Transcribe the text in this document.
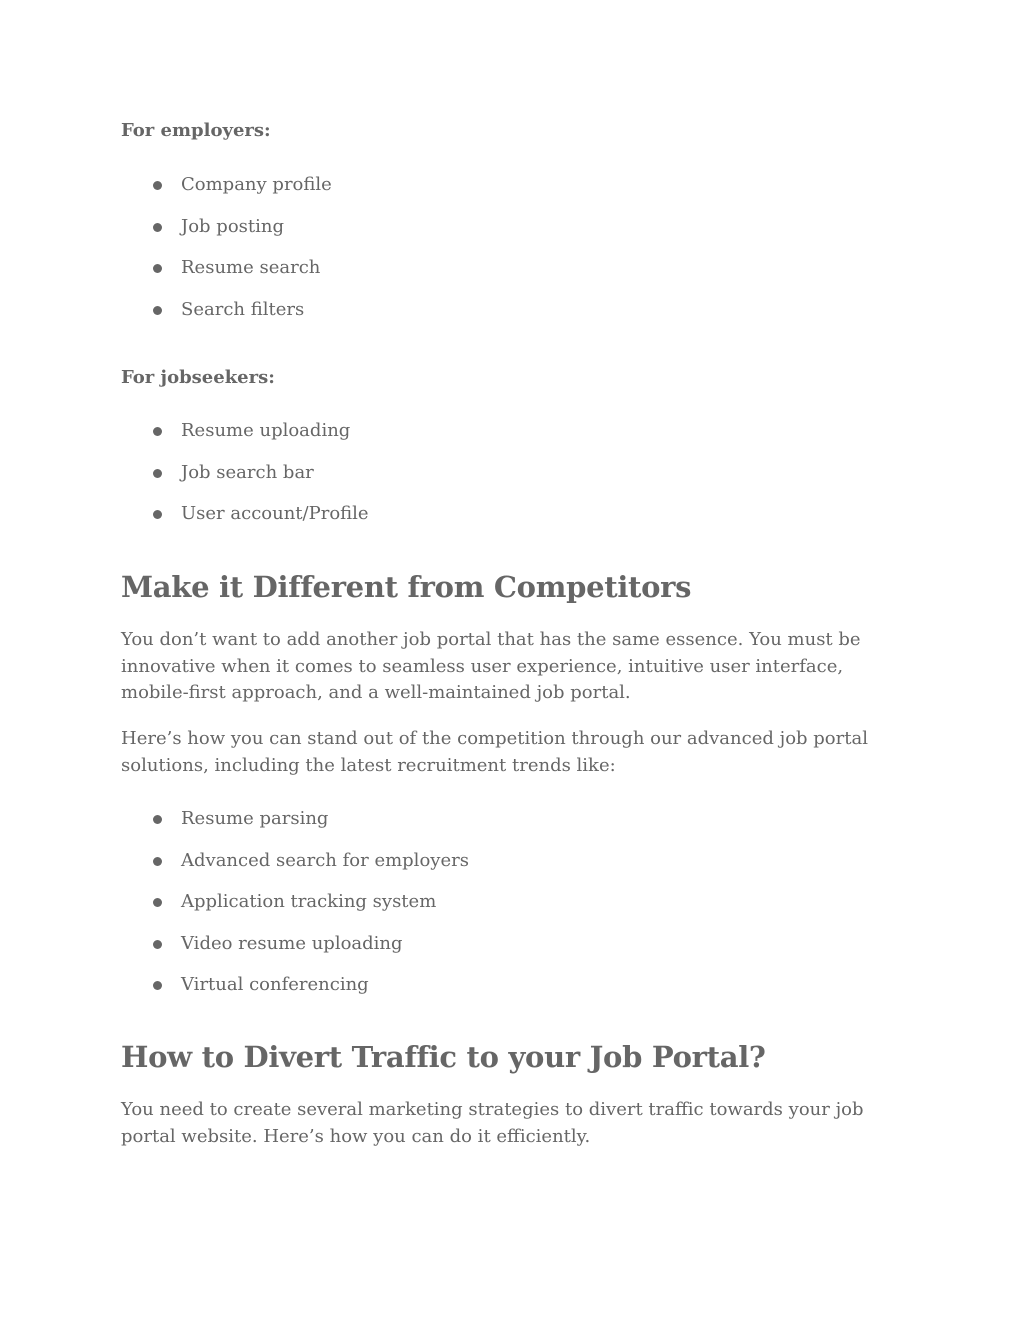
For employers:
Company profile
Job posting
Resume search
Search filters
For jobseekers:
Resume uploading
Job search bar
User account/Profile
Make it Different from Competitors

You don’t want to add another job portal that has the same essence. You must be innovative when it comes to seamless user experience, intuitive user interface, mobile-first approach, and a well-maintained job portal.

Here’s how you can stand out of the competition through our advanced job portal solutions, including the latest recruitment trends like:

Resume parsing
Advanced search for employers
Application tracking system
Video resume uploading
Virtual conferencing
How to Divert Traffic to your Job Portal?

You need to create several marketing strategies to divert traffic towards your job portal website. Here’s how you can do it efficiently.
